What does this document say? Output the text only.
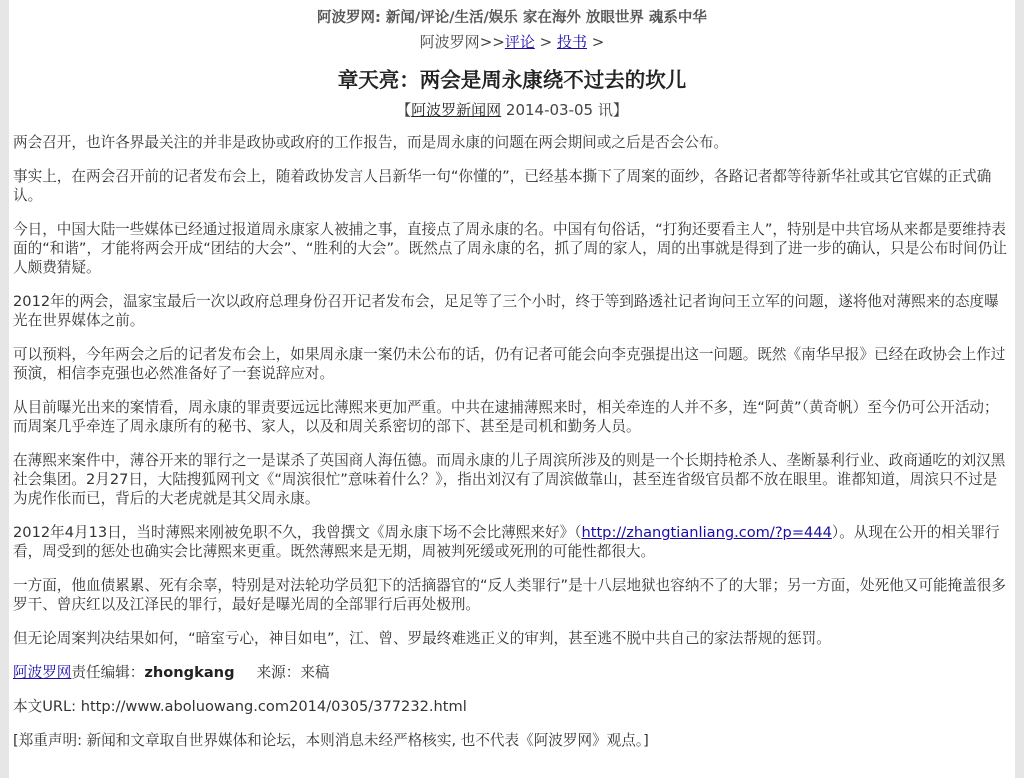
阿波罗网: 新闻/评论/生活/娱乐 家在海外 放眼世界 魂系中华
阿波罗网>>评论 > 投书 >
章天亮：两会是周永康绕不过去的坎儿
【阿波罗新闻网 2014-03-05 讯】

两会召开，也许各界最关注的并非是政协或政府的工作报告，而是周永康的问题在两会期间或之后是否会公布。

事实上，在两会召开前的记者发布会上，随着政协发言人吕新华一句“你懂的”，已经基本撕下了周案的面纱，各路记者都等待新华社或其它官媒的正式确认。

今日，中国大陆一些媒体已经通过报道周永康家人被捕之事，直接点了周永康的名。中国有句俗话，“打狗还要看主人”，特别是中共官场从来都是要维持表面的“和谐”，才能将两会开成“团结的大会”、“胜利的大会”。既然点了周永康的名，抓了周的家人，周的出事就是得到了进一步的确认，只是公布时间仍让人颇费猜疑。

2012年的两会，温家宝最后一次以政府总理身份召开记者发布会，足足等了三个小时，终于等到路透社记者询问王立军的问题，遂将他对薄熙来的态度曝光在世界媒体之前。

可以预料，今年两会之后的记者发布会上，如果周永康一案仍未公布的话，仍有记者可能会向李克强提出这一问题。既然《南华早报》已经在政协会上作过预演，相信李克强也必然准备好了一套说辞应对。

从目前曝光出来的案情看，周永康的罪责要远远比薄熙来更加严重。中共在逮捕薄熙来时，相关牵连的人并不多，连“阿黄”（黄奇帆）至今仍可公开活动；而周案几乎牵连了周永康所有的秘书、家人，以及和周关系密切的部下、甚至是司机和勤务人员。

在薄熙来案件中，薄谷开来的罪行之一是谋杀了英国商人海伍德。而周永康的儿子周滨所涉及的则是一个长期持枪杀人、垄断暴利行业、政商通吃的刘汉黑社会集团。2月27日，大陆搜狐网刊文《“周滨很忙”意味着什么？》，指出刘汉有了周滨做靠山，甚至连省级官员都不放在眼里。谁都知道，周滨只不过是为虎作伥而已，背后的大老虎就是其父周永康。

2012年4月13日，当时薄熙来刚被免职不久，我曾撰文《周永康下场不会比薄熙来好》（http://zhangtianliang.com/?p=444）。从现在公开的相关罪行看，周受到的惩处也确实会比薄熙来更重。既然薄熙来是无期，周被判死缓或死刑的可能性都很大。

一方面，他血债累累、死有余辜，特别是对法轮功学员犯下的活摘器官的“反人类罪行”是十八层地狱也容纳不了的大罪；另一方面，处死他又可能掩盖很多罗干、曾庆红以及江泽民的罪行，最好是曝光周的全部罪行后再处极刑。

但无论周案判决结果如何，“暗室亏心，神目如电”，江、曾、罗最终难逃正义的审判，甚至逃不脱中共自己的家法帮规的惩罚。

阿波罗网责任编辑：zhongkang 来源：来稿

本文URL: http://www.aboluowang.com2014/0305/377232.html

[郑重声明: 新闻和文章取自世界媒体和论坛，本则消息未经严格核实, 也不代表《阿波罗网》观点。]
